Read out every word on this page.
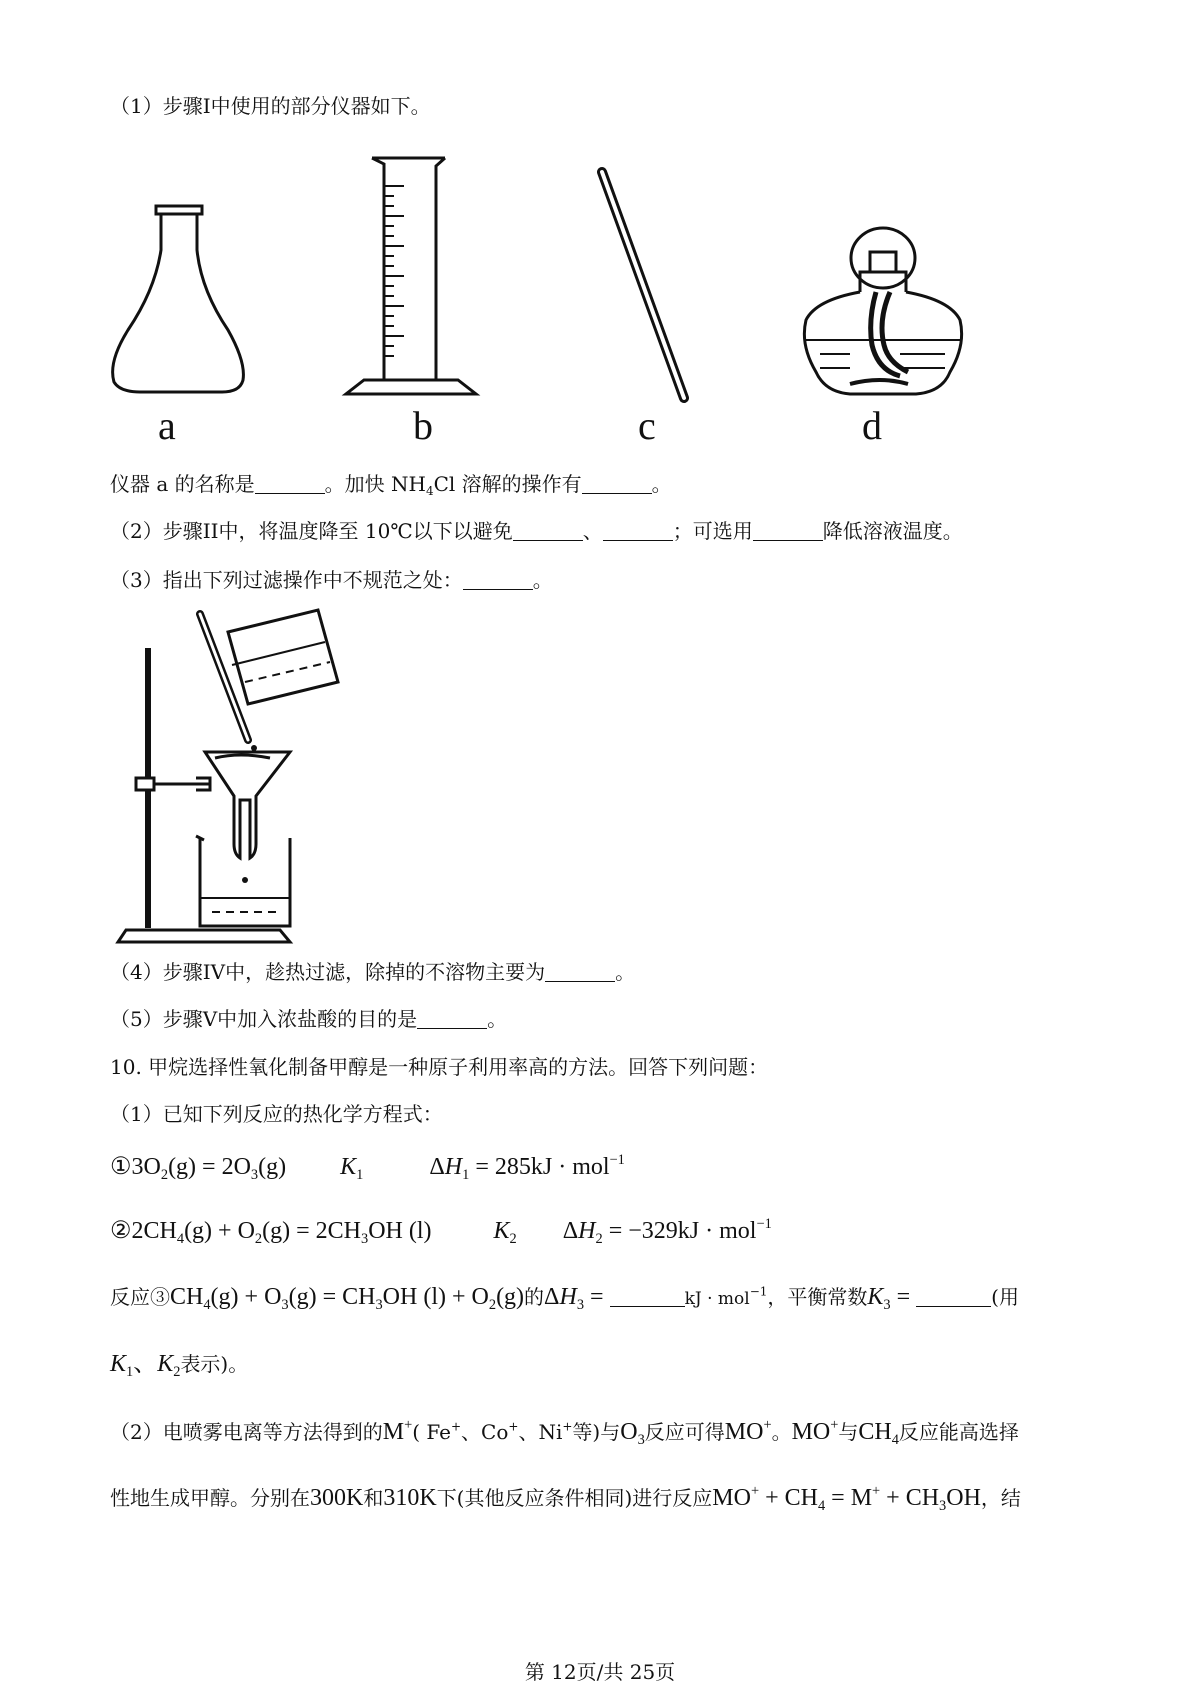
（1）步骤I中使用的部分仪器如下。
a	b	c	d
仪器 a 的名称是	。加快 $NH_4Cl$ 溶解的操作有	。
（2）步骤II中，将温度降至 10℃以下以避免	、	；可选用	降低溶液温度。
（3）指出下列过滤操作中不规范之处：	。
（4）步骤IV中，趁热过滤，除掉的不溶物主要为	。
（5）步骤V中加入浓盐酸的目的是	。
10. 甲烷选择性氧化制备甲醇是一种原子利用率高的方法。回答下列问题：
（1）已知下列反应的热化学方程式：
$①3O_2(g) = 2O_3(g)$ $K_1$	$\Delta H_1 = 285kJ \cdot mol^{-1}$
$②2CH_4(g) + O_2(g) = 2CH_3OH$ (l)	$K_2$ $\Delta H_2 = -329kJ \cdot mol^{-1}$
反应$③CH_4(g) + O_3(g) = CH_3OH$ $(l) + O_2(g)$的$\Delta H_3$ =	kJ · mol$^{-1}$，平衡常数$K_3$ =	(用
$K_1$、$K_2$表示)。
（2）电喷雾电离等方法得到的M+( Fe+、Co+、Ni+等)与$O_3$反应可得MO+。MO+与$CH_4$反应能高选择
性地生成甲醇。分别在300K和310K下(其他反应条件相同)进行反应$MO^+ + CH_4 = M^+ + CH_3OH$，结
第 12页/共 25页
